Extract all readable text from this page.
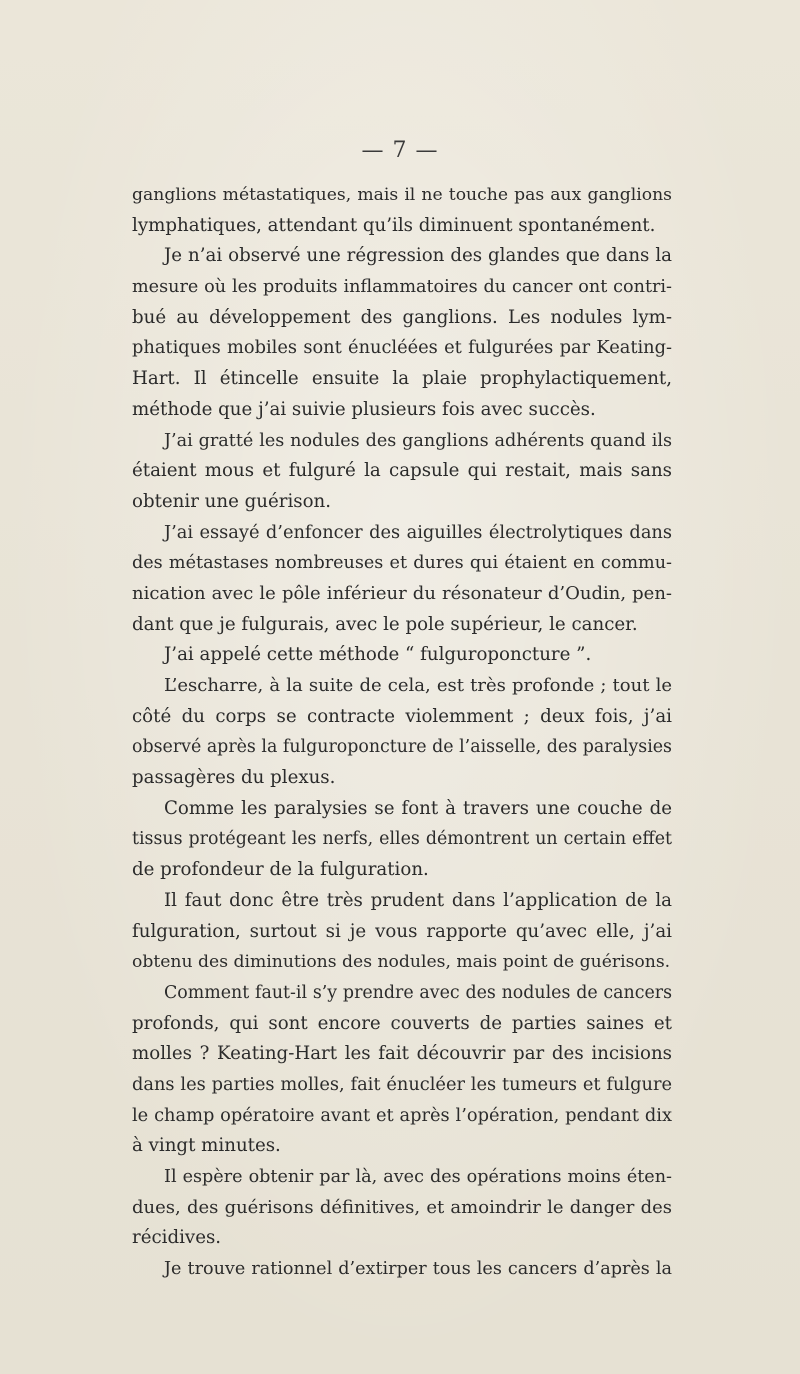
— 7 —
ganglions métastatiques, mais il ne touche pas aux ganglions
lymphatiques, attendant qu’ils diminuent spontanément.
Je n’ai observé une régression des glandes que dans la
mesure où les produits inflammatoires du cancer ont contri-
bué au développement des ganglions. Les nodules lym-
phatiques mobiles sont énucléées et fulgurées par Keating-
Hart. Il étincelle ensuite la plaie prophylactiquement,
méthode que j’ai suivie plusieurs fois avec succès.
J’ai gratté les nodules des ganglions adhérents quand ils
étaient mous et fulguré la capsule qui restait, mais sans
obtenir une guérison.
J’ai essayé d’enfoncer des aiguilles électrolytiques dans
des métastases nombreuses et dures qui étaient en commu-
nication avec le pôle inférieur du résonateur d’Oudin, pen-
dant que je fulgurais, avec le pole supérieur, le cancer.
J’ai appelé cette méthode “ fulguroponcture ”.
L’escharre, à la suite de cela, est très profonde ; tout le
côté du corps se contracte violemment ; deux fois, j’ai
observé après la fulguroponcture de l’aisselle, des paralysies
passagères du plexus.
Comme les paralysies se font à travers une couche de
tissus protégeant les nerfs, elles démontrent un certain effet
de profondeur de la fulguration.
Il faut donc être très prudent dans l’application de la
fulguration, surtout si je vous rapporte qu’avec elle, j’ai
obtenu des diminutions des nodules, mais point de guérisons.
Comment faut-il s’y prendre avec des nodules de cancers
profonds, qui sont encore couverts de parties saines et
molles ? Keating-Hart les fait découvrir par des incisions
dans les parties molles, fait énucléer les tumeurs et fulgure
le champ opératoire avant et après l’opération, pendant dix
à vingt minutes.
Il espère obtenir par là, avec des opérations moins éten-
dues, des guérisons définitives, et amoindrir le danger des
récidives.
Je trouve rationnel d’extirper tous les cancers d’après la
